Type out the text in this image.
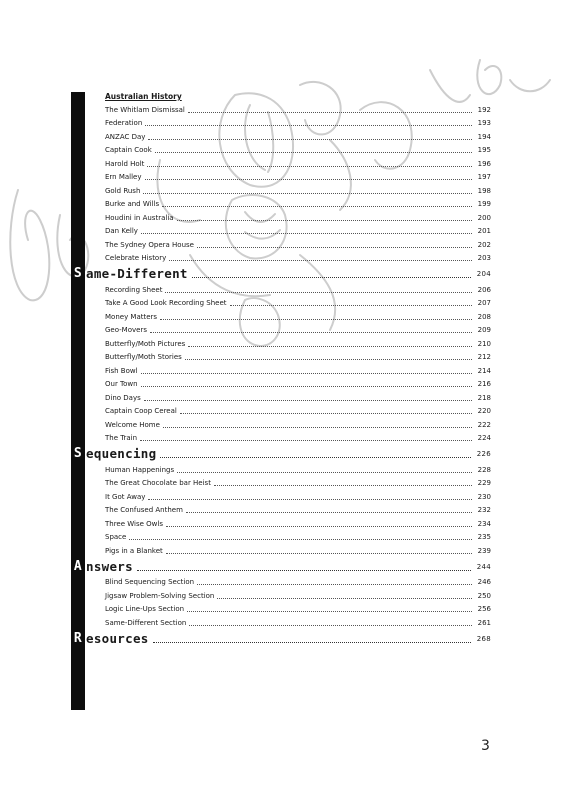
Australian History
The Whitlam Dismissal	192
Federation	193
ANZAC Day	194
Captain Cook	195
Harold Holt	196
Ern Malley	197
Gold Rush	198
Burke and Wills	199
Houdini in Australia	200
Dan Kelly	201
The Sydney Opera House	202
Celebrate History	203
S ame-Different	204
Recording Sheet	206
Take A Good Look Recording Sheet	207
Money Matters	208
Geo-Movers	209
Butterfly/Moth Pictures	210
Butterfly/Moth Stories	212
Fish Bowl	214
Our Town	216
Dino Days	218
Captain Coop Cereal	220
Welcome Home	222
The Train	224
S equencing	226
Human Happenings	228
The Great Chocolate bar Heist	229
It Got Away	230
The Confused Anthem	232
Three Wise Owls	234
Space	235
Pigs in a Blanket	239
A nswers	244
Blind Sequencing Section	246
Jigsaw Problem-Solving Section	250
Logic Line-Ups Section	256
Same-Different Section	261
R esources	268
3
